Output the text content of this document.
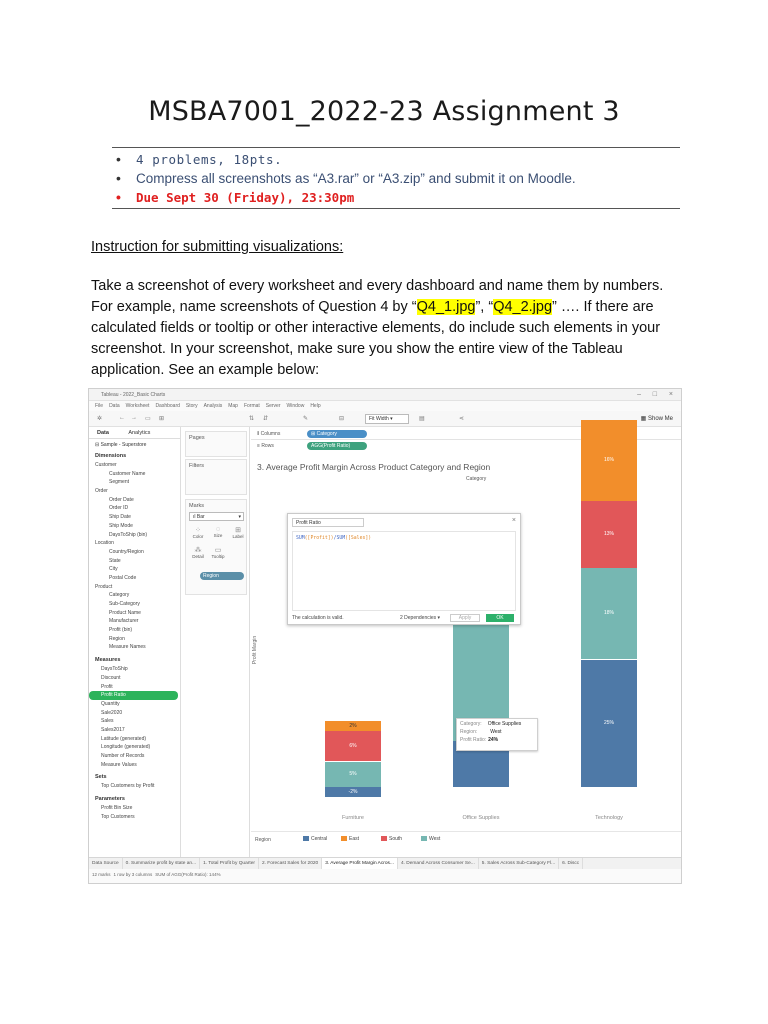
MSBA7001_2022-23 Assignment 3
• 4 problems, 18pts.
• Compress all screenshots as “A3.rar” or “A3.zip” and submit it on Moodle.
• Due Sept 30 (Friday), 23:30pm
Instruction for submitting visualizations:

Take a screenshot of every worksheet and every dashboard and name them by numbers. For example, name screenshots of Question 4 by “Q4_1.jpg”, “Q4_2.jpg” …. If there are calculated fields or tooltip or other interactive elements, do include such elements in your screenshot. In your screenshot, make sure you show the entire view of the Tableau application. See an example below:

Tableau - 2022_Basic Charts	– □ ×
File Data Worksheet Dashboard Story Analysis Map Format Server Window Help
✲	← → ▭ ⊞	⇅ ⇵	✎	⊟	Fit Width ▾	▤	⋖	▦ Show Me
Data	Analytics
⊟ Sample - Superstore
Dimensions
Customer
Customer Name
Segment
Order
Order Date
Order ID
Ship Date
Ship Mode
DaysToShip (bin)
Location
Country/Region
State
City
Postal Code
Product
Category
Sub-Category
Product Name
Manufacturer
Profit (bin)
Region
Measure Names
Measures
DaysToShip
Discount
Profit
Profit Ratio
Quantity
Sale2020
Sales
Sales2017
Latitude (generated)
Longitude (generated)
Number of Records
Measure Values
Sets
Top Customers by Profit
Parameters
Profit Bin Size
Top Customers
Pages
Filters
Marks
ıl Bar	▾
⁘
Color
◌
Size
⊞
Label
⁂
Detail
▭
Tooltip
Region
⦀ Columns	⊞ Category
≡ Rows	AGG(Profit Ratio)
3. Average Profit Margin Across Product Category and Region
Category
Profit Margin
-2%
5%
6%
2%
Furniture	Office Supplies
25%
18%
13%
16%
Technology
Profit Ratio	×
SUM([Profit])/SUM([Sales])
The calculation is valid.	2 Dependencies ▾	Apply	OK
Category: Office Supplies
Region:	West
Profit Ratio: 24%
Region	Central	East	South	West
Data Source 0. Summarize profit by state an... 1. Total Profit by Quarter 2. Forecast Sales for 2020 3. Average Profit Margin Acros... 4. Demand Across Consumer Se... 5. Sales Across Sub-Category Fl... 6. Discc
12 marks 1 row by 3 columns SUM of AGG(Profit Ratio): 144%
